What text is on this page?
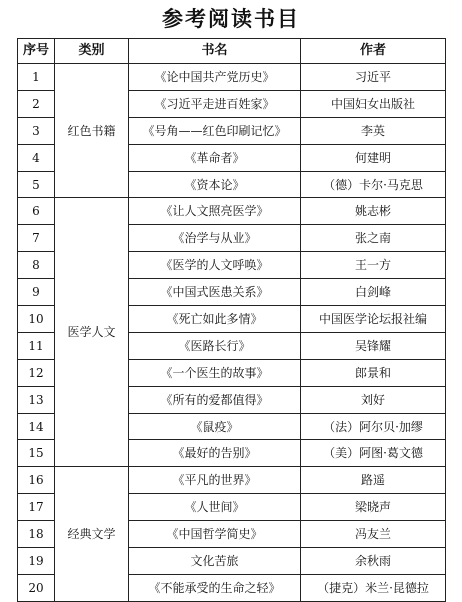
参考阅读书目
序号	类别	书名	作者
1	红色书籍	《论中国共产党历史》	习近平
2		《习近平走进百姓家》	中国妇女出版社
3		《号角——红色印刷记忆》	李英
4		《革命者》	何建明
5		《资本论》	（德）卡尔·马克思
6	医学人文	《让人文照亮医学》	姚志彬
7		《治学与从业》	张之南
8		《医学的人文呼唤》	王一方
9		《中国式医患关系》	白剑峰
10		《死亡如此多情》	中国医学论坛报社编
11		《医路长行》	吴锋耀
12		《一个医生的故事》	郎景和
13		《所有的爱都值得》	刘好
14		《鼠疫》	（法）阿尔贝·加缪
15		《最好的告别》	（美）阿图·葛文德
16	经典文学	《平凡的世界》	路遥
17		《人世间》	梁晓声
18		《中国哲学简史》	冯友兰
19		文化苦旅	余秋雨
20		《不能承受的生命之轻》	（捷克）米兰·昆德拉
